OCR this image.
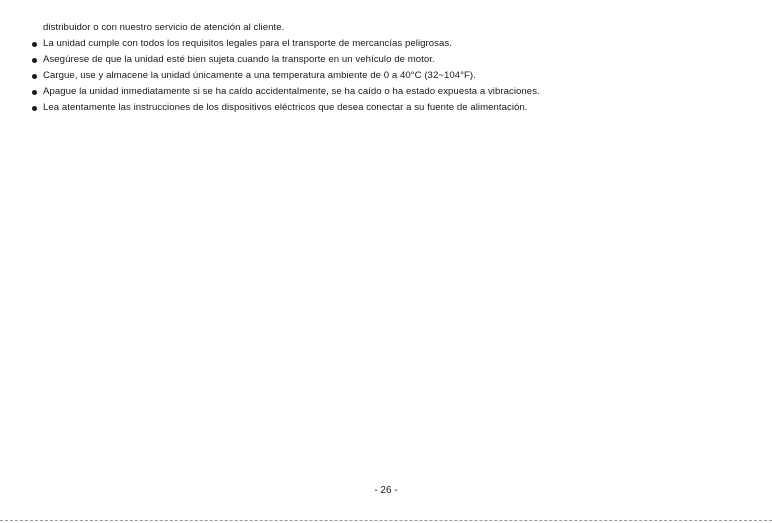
distribuidor o con nuestro servicio de atención al cliente.
La unidad cumple con todos los requisitos legales para el transporte de mercancías peligrosas.
Asegúrese de que la unidad esté bien sujeta cuando la transporte en un vehículo de motor.
Cargue, use y almacene la unidad únicamente a una temperatura ambiente de 0 a 40°C (32~104°F).
Apague la unidad inmediatamente si se ha caído accidentalmente, se ha caído o ha estado expuesta a vibraciones.
Lea atentamente las instrucciones de los dispositivos eléctricos que desea conectar a su fuente de alimentación.
- 26 -
